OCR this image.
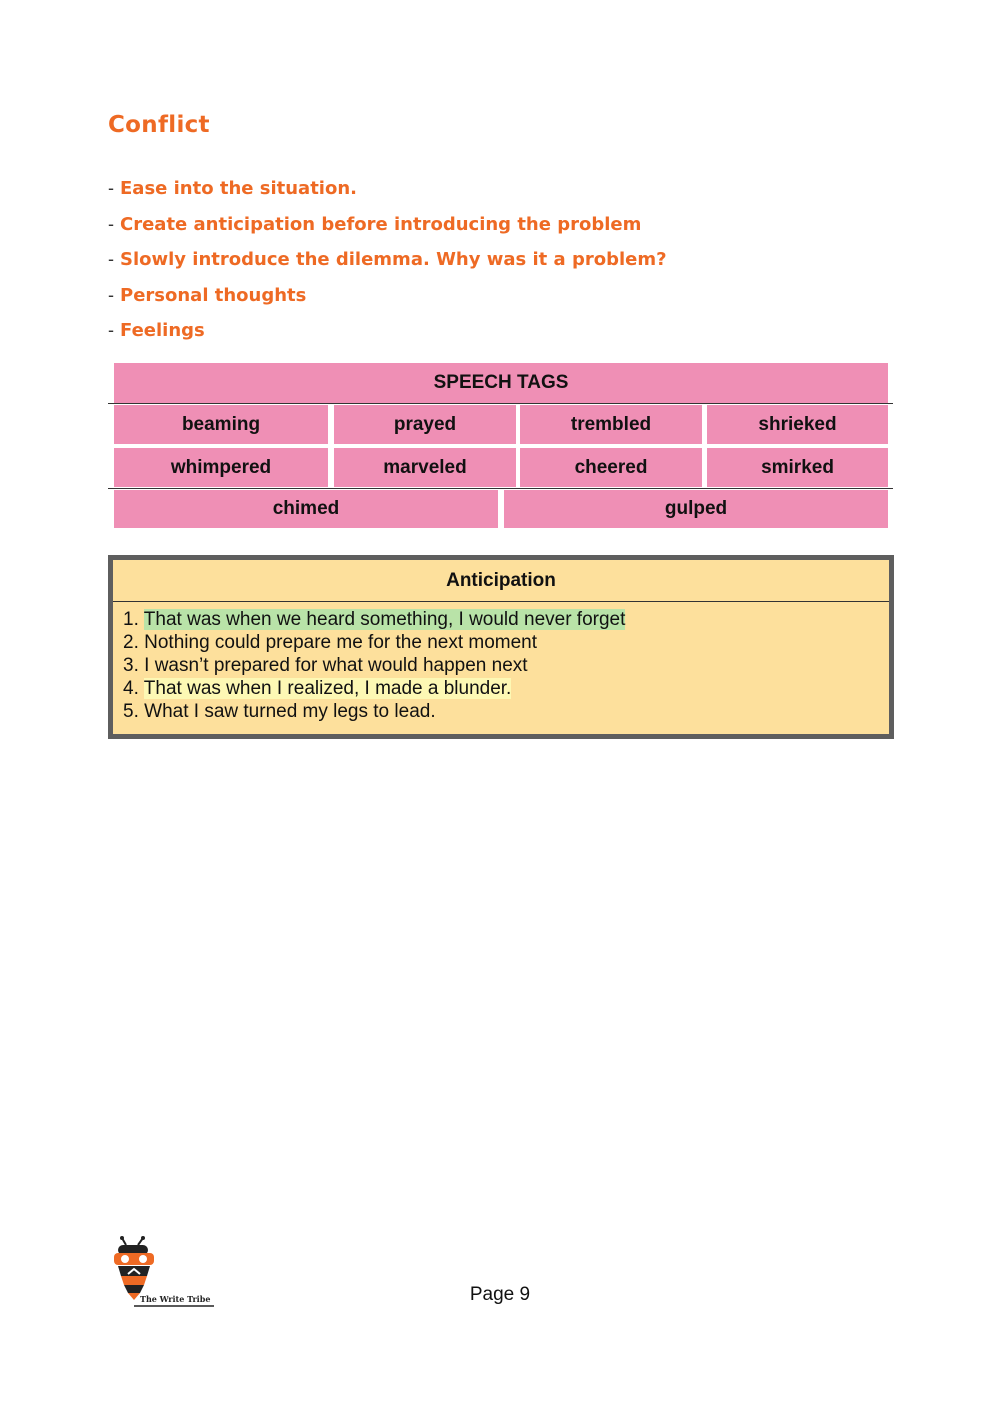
Conflict
- Ease into the situation.
- Create anticipation before introducing the problem
- Slowly introduce the dilemma. Why was it a problem?
- Personal thoughts
- Feelings
SPEECH TAGS
beaming	prayed	trembled	shrieked
whimpered	marveled	cheered	smirked
chimed	gulped
Anticipation
1. That was when we heard something, I would never forget
2. Nothing could prepare me for the next moment
3. I wasn’t prepared for what would happen next
4. That was when I realized, I made a blunder.
5. What I saw turned my legs to lead.
The Write Tribe	Page 9
